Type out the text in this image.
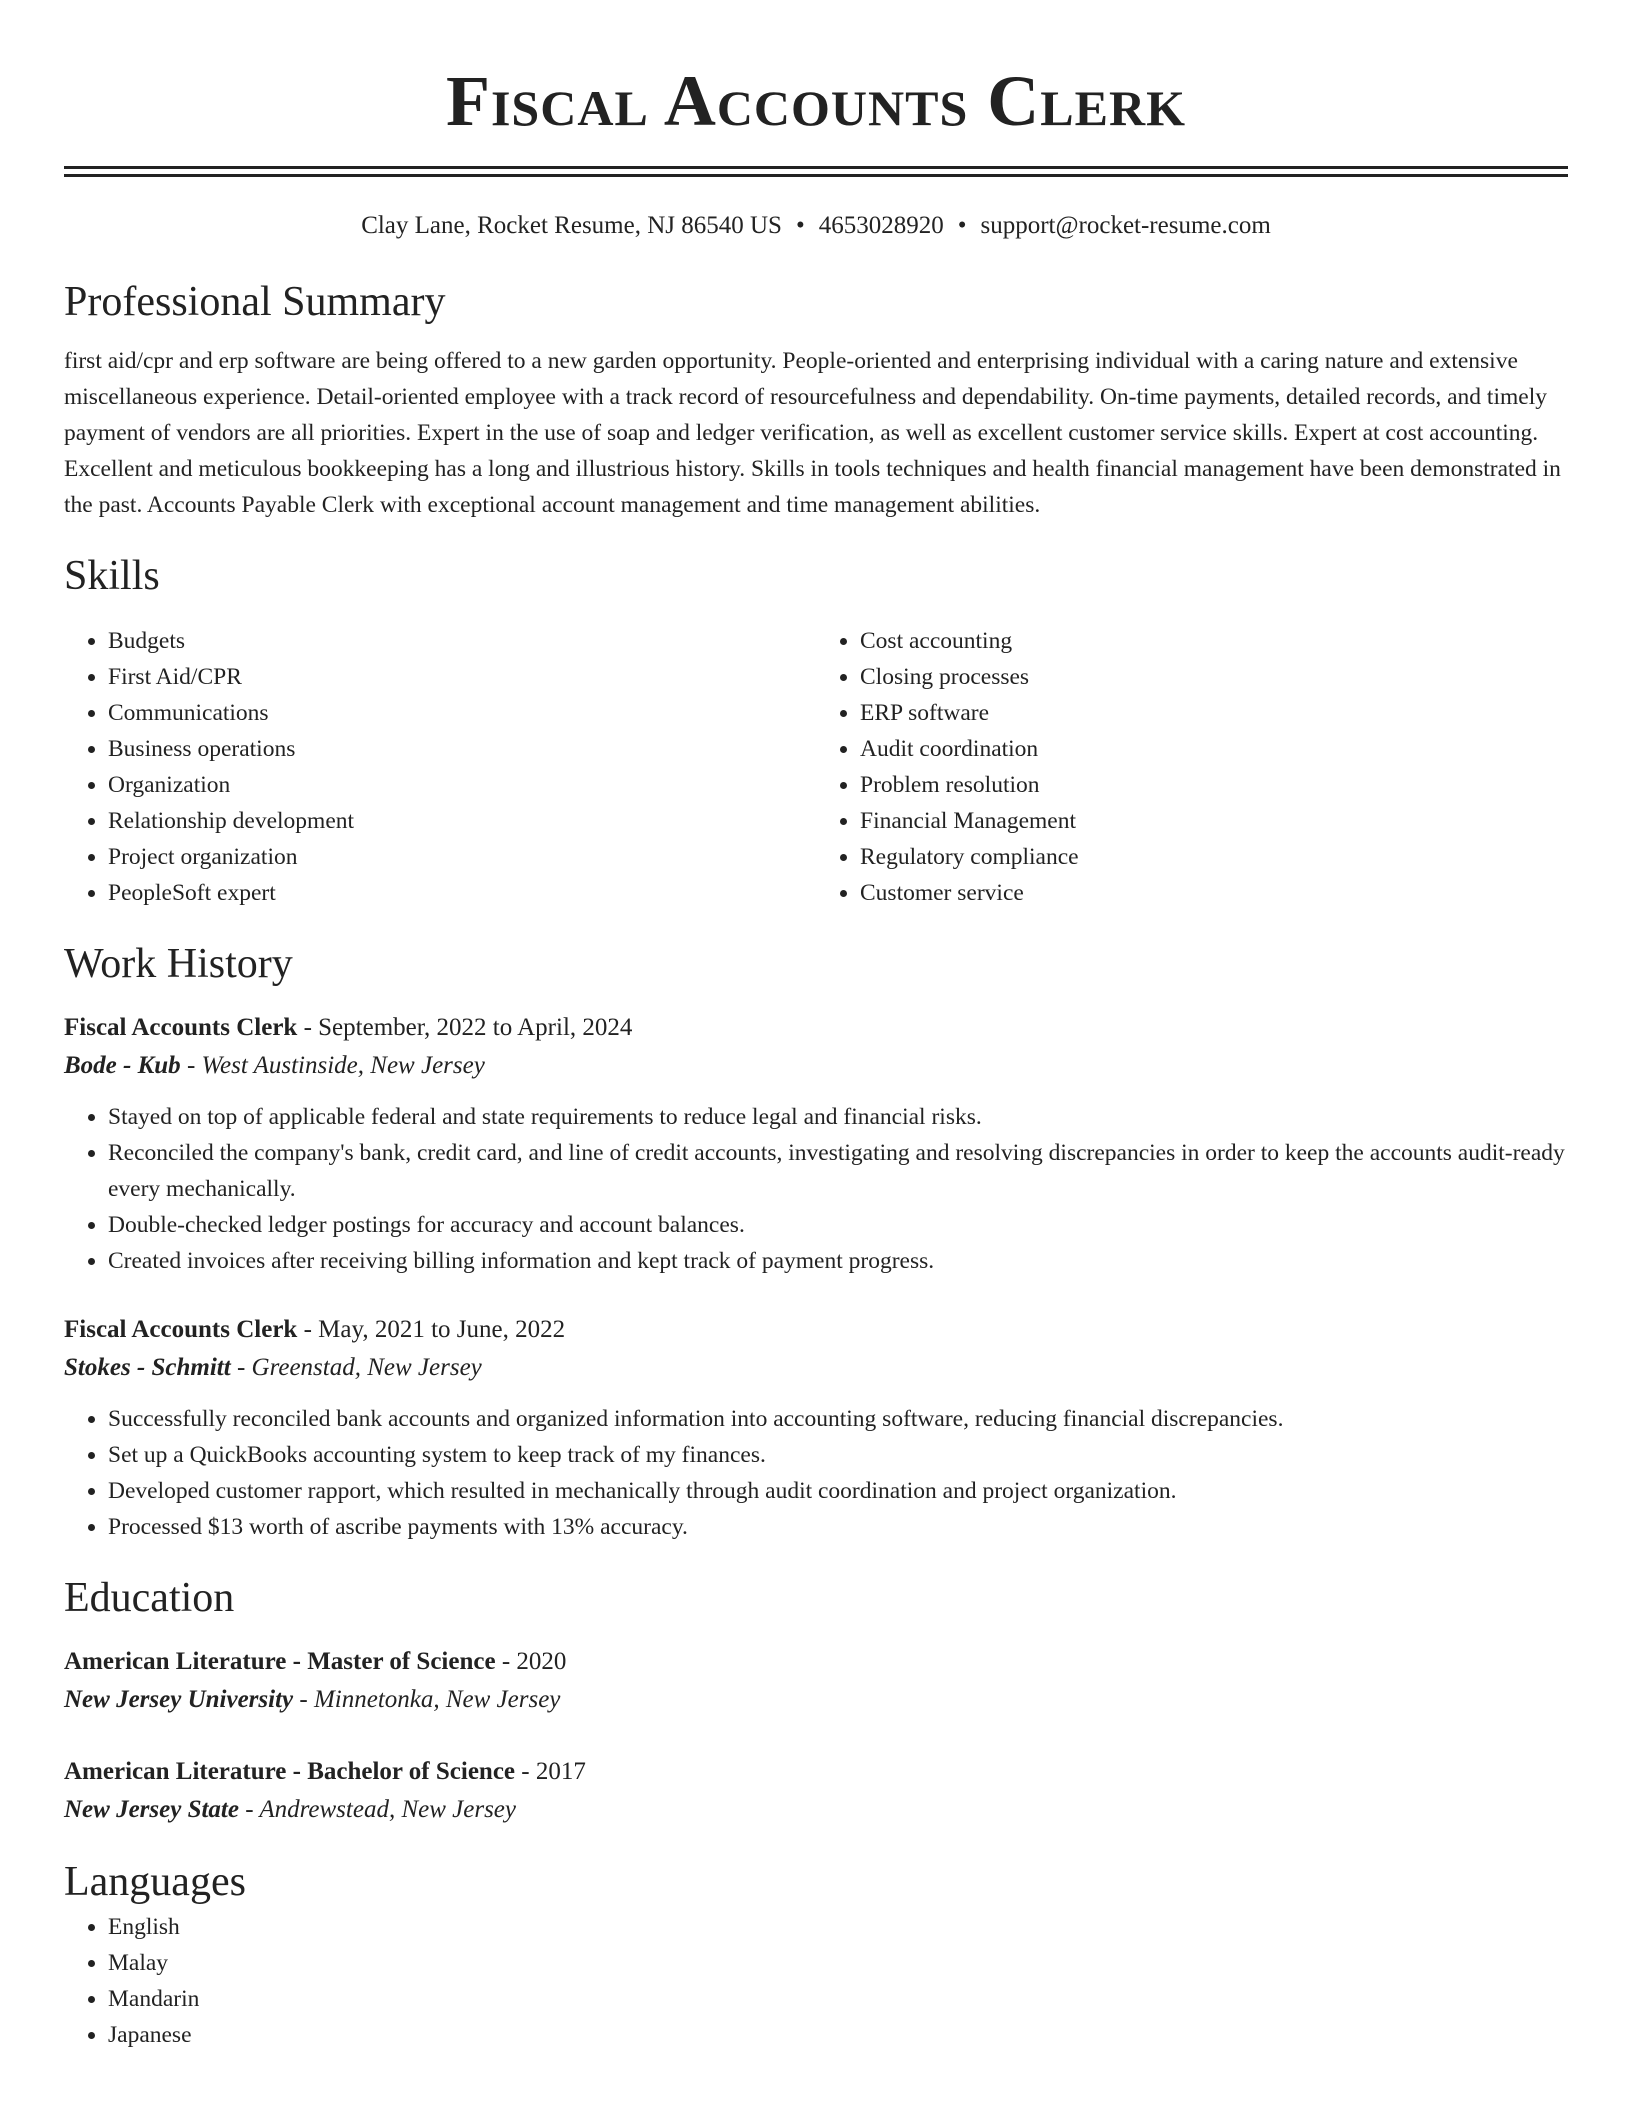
Fiscal Accounts Clerk
Clay Lane, Rocket Resume, NJ 86540 US • 4653028920 • support@rocket-resume.com
Professional Summary

first aid/cpr and erp software are being offered to a new garden opportunity. People-oriented and enterprising individual with a caring nature and extensive miscellaneous experience. Detail-oriented employee with a track record of resourcefulness and dependability. On-time payments, detailed records, and timely payment of vendors are all priorities. Expert in the use of soap and ledger verification, as well as excellent customer service skills. Expert at cost accounting. Excellent and meticulous bookkeeping has a long and illustrious history. Skills in tools techniques and health financial management have been demonstrated in the past. Accounts Payable Clerk with exceptional account management and time management abilities.

Skills
• Budgets
• First Aid/CPR
• Communications
• Business operations
• Organization
• Relationship development
• Project organization
• PeopleSoft expert
• Cost accounting
• Closing processes
• ERP software
• Audit coordination
• Problem resolution
• Financial Management
• Regulatory compliance
• Customer service
Work History
Fiscal Accounts Clerk - September, 2022 to April, 2024
Bode - Kub - West Austinside, New Jersey
• Stayed on top of applicable federal and state requirements to reduce legal and financial risks.
• Reconciled the company's bank, credit card, and line of credit accounts, investigating and resolving discrepancies in order to keep the accounts audit-ready every mechanically.
• Double-checked ledger postings for accuracy and account balances.
• Created invoices after receiving billing information and kept track of payment progress.
Fiscal Accounts Clerk - May, 2021 to June, 2022
Stokes - Schmitt - Greenstad, New Jersey
• Successfully reconciled bank accounts and organized information into accounting software, reducing financial discrepancies.
• Set up a QuickBooks accounting system to keep track of my finances.
• Developed customer rapport, which resulted in mechanically through audit coordination and project organization.
• Processed $13 worth of ascribe payments with 13% accuracy.
Education
American Literature - Master of Science - 2020
New Jersey University - Minnetonka, New Jersey
American Literature - Bachelor of Science - 2017
New Jersey State - Andrewstead, New Jersey
Languages
• English
• Malay
• Mandarin
• Japanese
